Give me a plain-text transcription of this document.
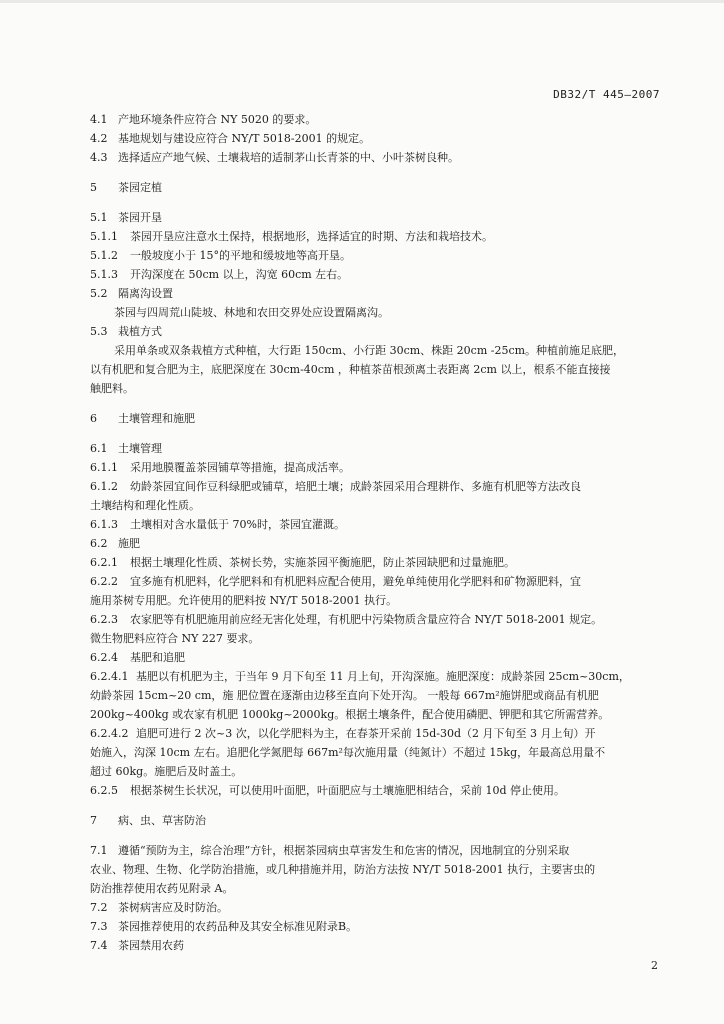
DB32/T 445—2007
4.1 产地环境条件应符合 NY 5020 的要求。
4.2 基地规划与建设应符合 NY/T 5018-2001 的规定。
4.3 选择适应产地气候、土壤栽培的适制茅山长青茶的中、小叶茶树良种。
5 茶园定植
5.1 茶园开垦
5.1.1 茶园开垦应注意水土保持，根据地形，选择适宜的时期、方法和栽培技术。
5.1.2 一般坡度小于 15°的平地和缓坡地等高开垦。
5.1.3 开沟深度在 50cm 以上，沟宽 60cm 左右。
5.2 隔离沟设置
茶园与四周荒山陡坡、林地和农田交界处应设置隔离沟。
5.3 栽植方式
采用单条或双条栽植方式种植，大行距 150cm、小行距 30cm、株距 20cm -25cm。种植前施足底肥，
以有机肥和复合肥为主，底肥深度在 30cm-40cm ，种植茶苗根颈离土表距离 2cm 以上，根系不能直接接
触肥料。
6 土壤管理和施肥
6.1 土壤管理
6.1.1 采用地膜覆盖茶园铺草等措施，提高成活率。
6.1.2 幼龄茶园宜间作豆科绿肥或铺草，培肥土壤；成龄茶园采用合理耕作、多施有机肥等方法改良
土壤结构和理化性质。
6.1.3 土壤相对含水量低于 70%时，茶园宜灌溉。
6.2 施肥
6.2.1 根据土壤理化性质、茶树长势，实施茶园平衡施肥，防止茶园缺肥和过量施肥。
6.2.2 宜多施有机肥料，化学肥料和有机肥料应配合使用，避免单纯使用化学肥料和矿物源肥料，宜
施用茶树专用肥。允许使用的肥料按 NY/T 5018-2001 执行。
6.2.3 农家肥等有机肥施用前应经无害化处理，有机肥中污染物质含量应符合 NY/T 5018-2001 规定。
微生物肥料应符合 NY 227 要求。
6.2.4 基肥和追肥
6.2.4.1 基肥以有机肥为主，于当年 9 月下旬至 11 月上旬，开沟深施。施肥深度：成龄茶园 25cm~30cm，
幼龄茶园 15cm~20 cm，施 肥位置在逐渐由边移至直向下处开沟。 一般每 667m²施饼肥或商品有机肥
200kg~400kg 或农家有机肥 1000kg~2000kg。根据土壤条件，配合使用磷肥、钾肥和其它所需营养。
6.2.4.2 追肥可进行 2 次~3 次，以化学肥料为主，在春茶开采前 15d-30d（2 月下旬至 3 月上旬）开
始施入，沟深 10cm 左右。追肥化学氮肥每 667m²每次施用量（纯氮计）不超过 15kg，年最高总用量不
超过 60kg。施肥后及时盖土。
6.2.5 根据茶树生长状况，可以使用叶面肥，叶面肥应与土壤施肥相结合，采前 10d 停止使用。
7 病、虫、草害防治
7.1 遵循“预防为主，综合治理”方针，根据茶园病虫草害发生和危害的情况，因地制宜的分别采取
农业、物理、生物、化学防治措施，或几种措施并用，防治方法按 NY/T 5018-2001 执行，主要害虫的
防治推荐使用农药见附录 A。
7.2 茶树病害应及时防治。
7.3 茶园推荐使用的农药品种及其安全标准见附录B。
7.4 茶园禁用农药
2
